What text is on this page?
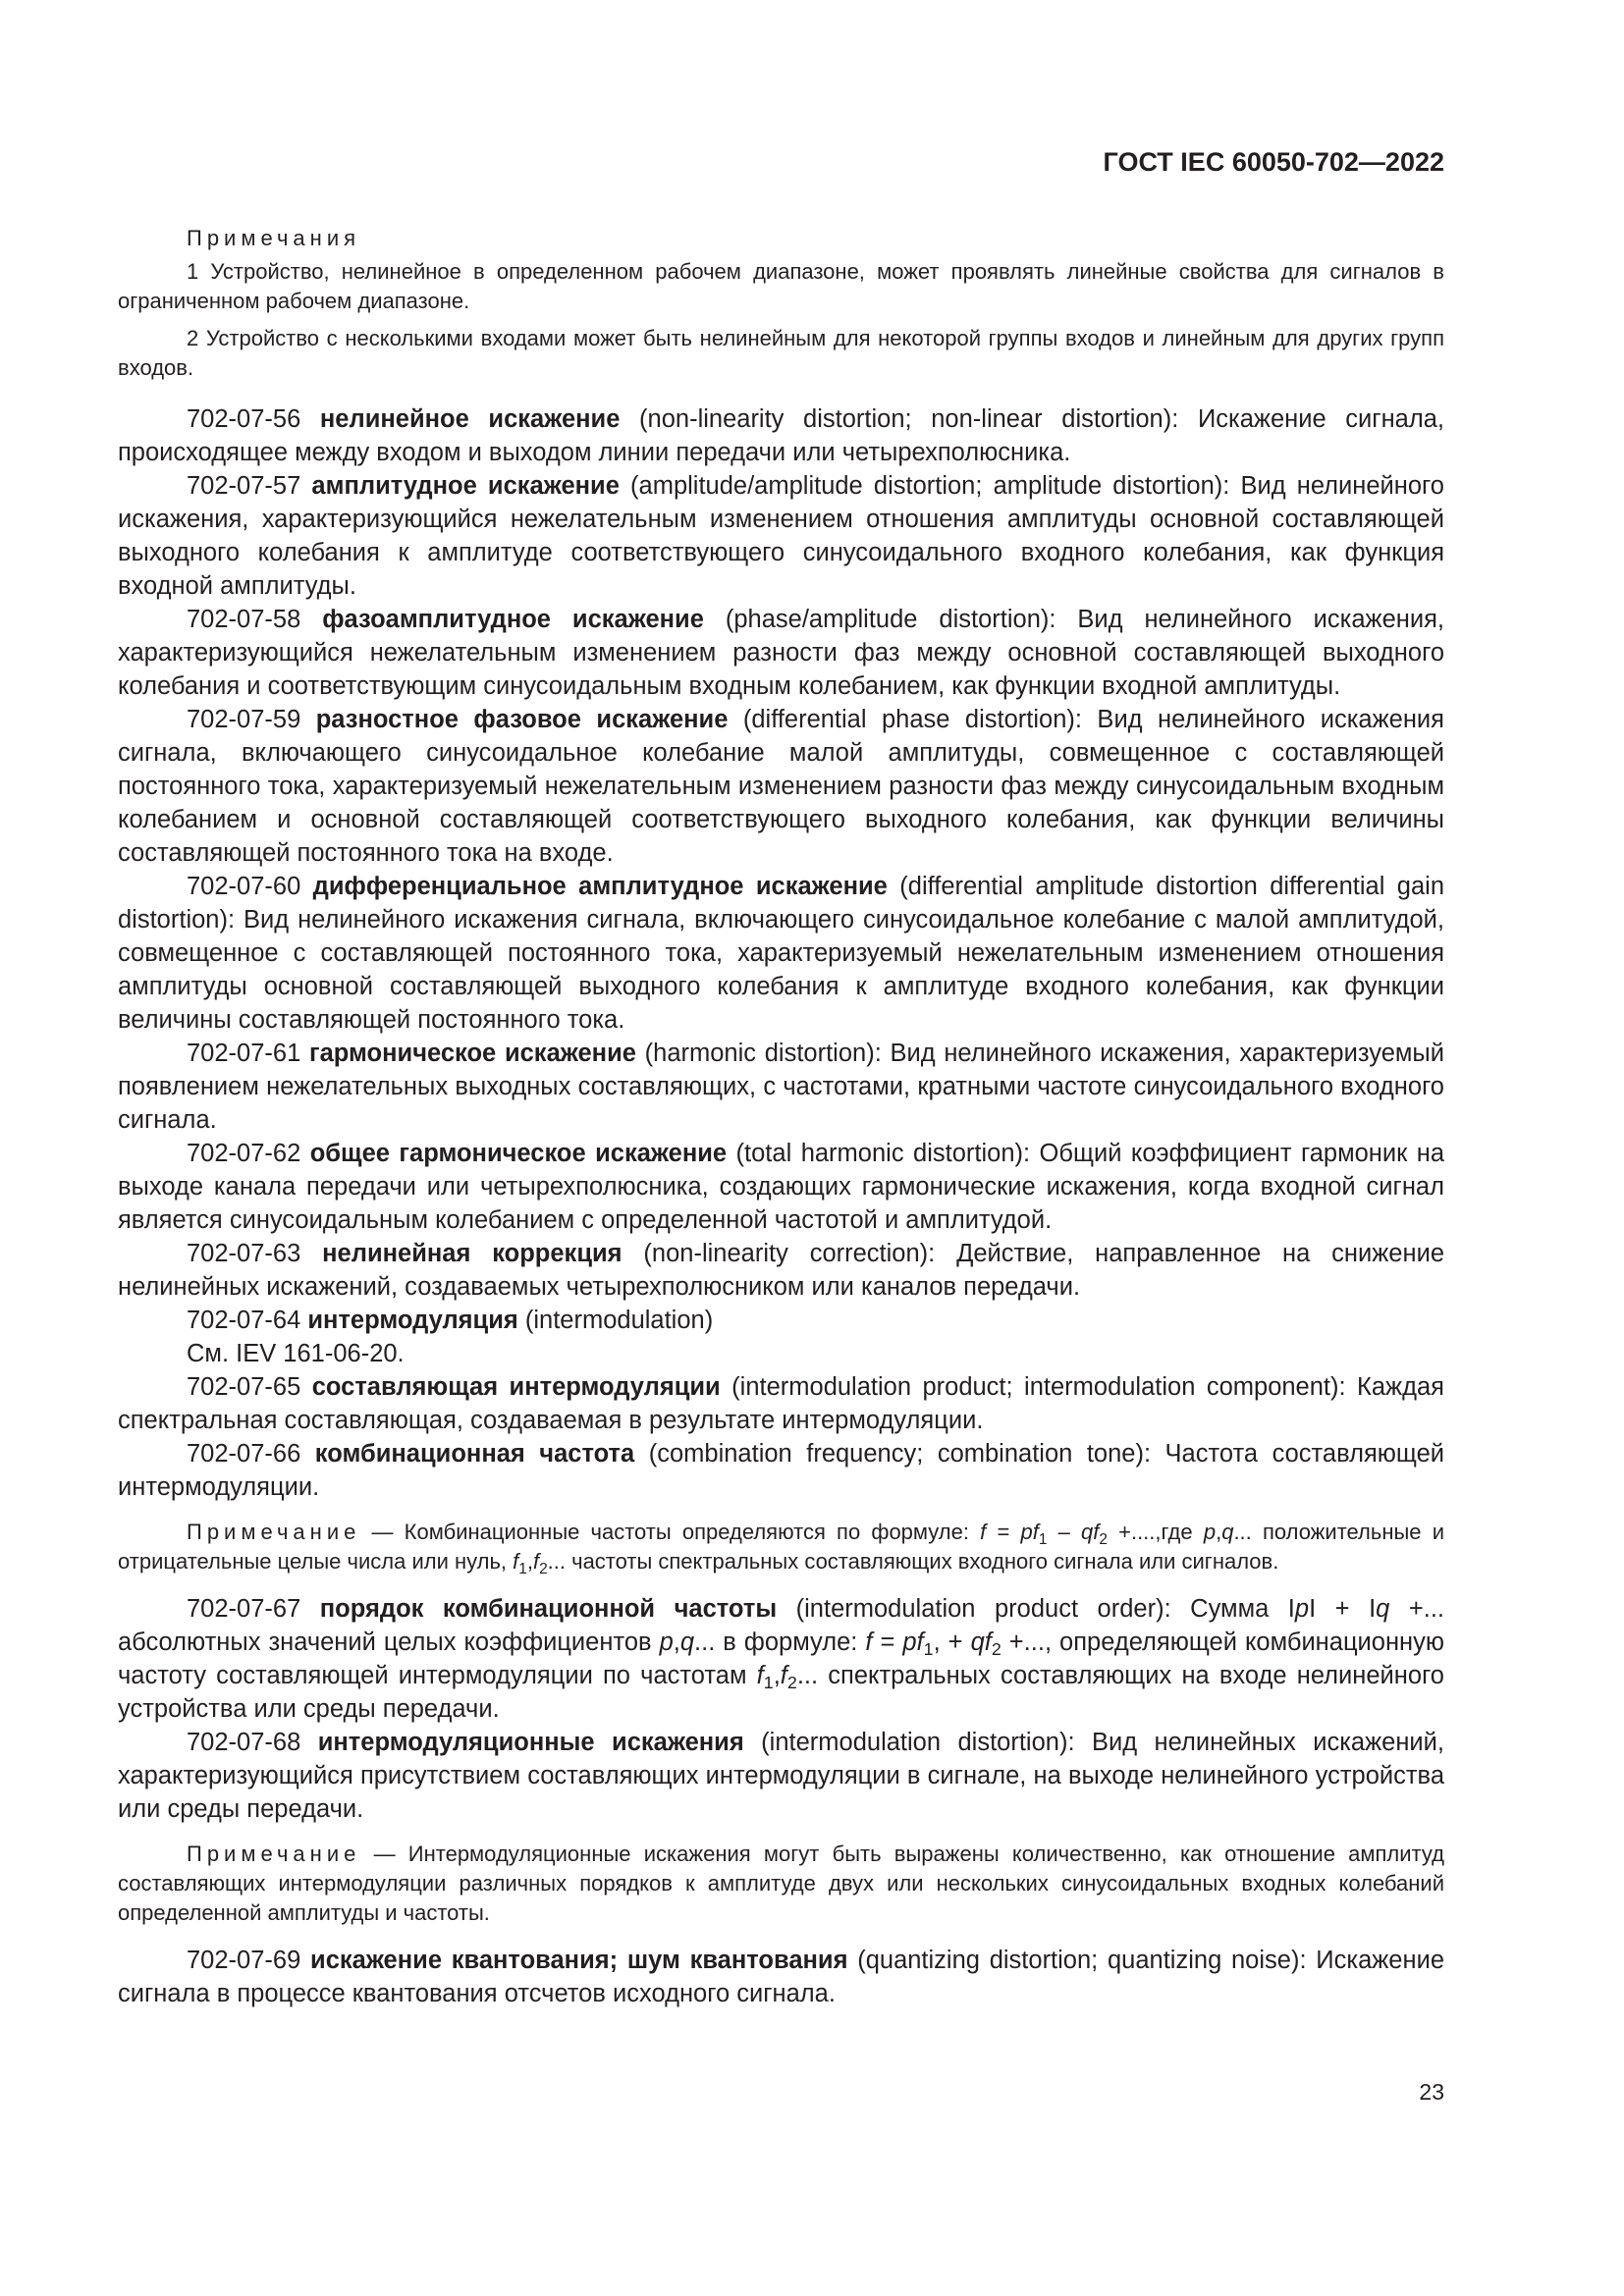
ГОСТ IEC 60050-702—2022

Примечания

1 Устройство, нелинейное в определенном рабочем диапазоне, может проявлять линейные свойства для сигналов в ограниченном рабочем диапазоне.

2 Устройство с несколькими входами может быть нелинейным для некоторой группы входов и линейным для других групп входов.

702-07-56 нелинейное искажение (non-linearity distortion; non-linear distortion): Искажение сигнала, происходящее между входом и выходом линии передачи или четырехполюсника.

702-07-57 амплитудное искажение (amplitude/amplitude distortion; amplitude distortion): Вид нелинейного искажения, характеризующийся нежелательным изменением отношения амплитуды основной составляющей выходного колебания к амплитуде соответствующего синусоидального входного колебания, как функция входной амплитуды.

702-07-58 фазоамплитудное искажение (phase/amplitude distortion): Вид нелинейного искажения, характеризующийся нежелательным изменением разности фаз между основной составляющей выходного колебания и соответствующим синусоидальным входным колебанием, как функции входной амплитуды.

702-07-59 разностное фазовое искажение (differential phase distortion): Вид нелинейного искажения сигнала, включающего синусоидальное колебание малой амплитуды, совмещенное с составляющей постоянного тока, характеризуемый нежелательным изменением разности фаз между синусоидальным входным колебанием и основной составляющей соответствующего выходного колебания, как функции величины составляющей постоянного тока на входе.

702-07-60 дифференциальное амплитудное искажение (differential amplitude distortion differential gain distortion): Вид нелинейного искажения сигнала, включающего синусоидальное колебание с малой амплитудой, совмещенное с составляющей постоянного тока, характеризуемый нежелательным изменением отношения амплитуды основной составляющей выходного колебания к амплитуде входного колебания, как функции величины составляющей постоянного тока.

702-07-61 гармоническое искажение (harmonic distortion): Вид нелинейного искажения, характеризуемый появлением нежелательных выходных составляющих, с частотами, кратными частоте синусоидального входного сигнала.

702-07-62 общее гармоническое искажение (total harmonic distortion): Общий коэффициент гармоник на выходе канала передачи или четырехполюсника, создающих гармонические искажения, когда входной сигнал является синусоидальным колебанием с определенной частотой и амплитудой.

702-07-63 нелинейная коррекция (non-linearity correction): Действие, направленное на снижение нелинейных искажений, создаваемых четырехполюсником или каналов передачи.

702-07-64 интермодуляция (intermodulation)

См. IEV 161-06-20.

702-07-65 составляющая интермодуляции (intermodulation product; intermodulation component): Каждая спектральная составляющая, создаваемая в результате интермодуляции.

702-07-66 комбинационная частота (combination frequency; combination tone): Частота составляющей интермодуляции.

Примечание — Комбинационные частоты определяются по формуле: $f = pf_1 - qf_2 +....,где$ p,q... положительные и отрицательные целые числа или нуль, $f_1,f_2$... частоты спектральных составляющих входного сигнала или сигналов.

702-07-67 порядок комбинационной частоты (intermodulation product order): Сумма IpI + Iq +... абсолютных значений целых коэффициентов p,q... в формуле: $f = pf_1$, + $qf_2$ +..., определяющей комбинационную частоту составляющей интермодуляции по частотам $f_1,f_2$... спектральных составляющих на входе нелинейного устройства или среды передачи.

702-07-68 интермодуляционные искажения (intermodulation distortion): Вид нелинейных искажений, характеризующийся присутствием составляющих интермодуляции в сигнале, на выходе нелинейного устройства или среды передачи.

Примечание — Интермодуляционные искажения могут быть выражены количественно, как отношение амплитуд составляющих интермодуляции различных порядков к амплитуде двух или нескольких синусоидальных входных колебаний определенной амплитуды и частоты.

702-07-69 искажение квантования; шум квантования (quantizing distortion; quantizing noise): Искажение сигнала в процессе квантования отсчетов исходного сигнала.

23
